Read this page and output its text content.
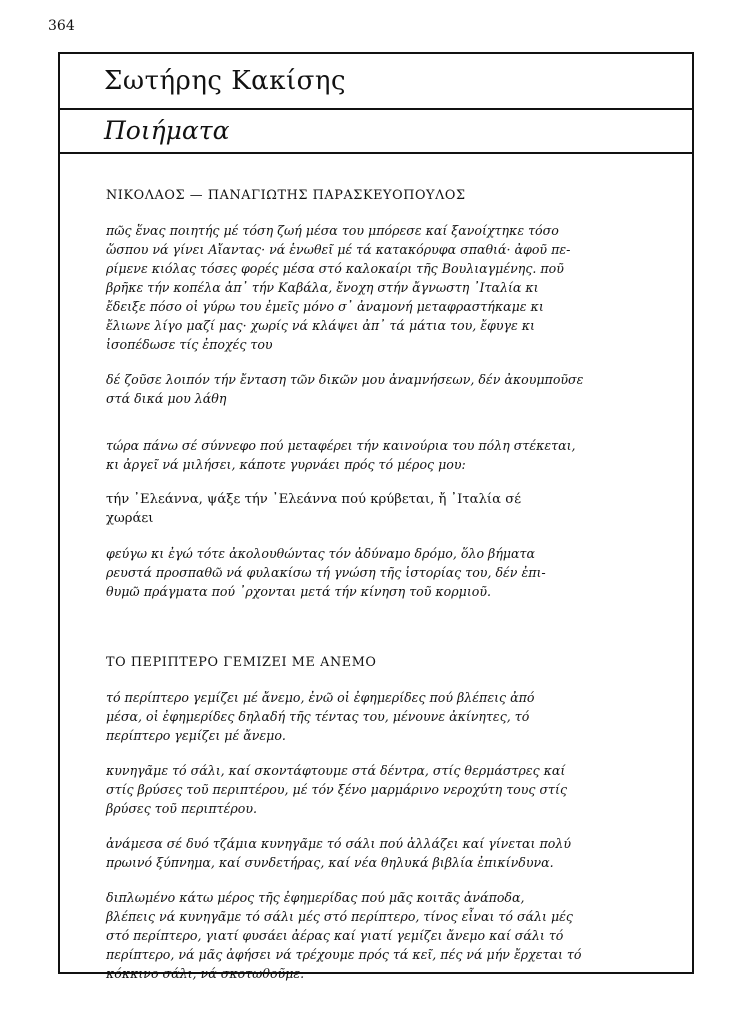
364
Σωτήρης Κακίσης
Ποιήματα

ΝΙΚΟΛΑΟΣ — ΠΑΝΑΓΙΩΤΗΣ ΠΑΡΑΣΚΕΥΟΠΟΥΛΟΣ

πῶς ἕνας ποιητής μέ τόση ζωή μέσα του μπόρεσε καί ξανοίχτηκε τόσο
ὥσπου νά γίνει Αἴαντας· νά ἑνωθεῖ μέ τά κατακόρυφα σπαθιά· ἀφοῦ πε-
ρίμενε κιόλας τόσες φορές μέσα στό καλοκαίρι τῆς Βουλιαγμένης. ποῦ
βρῆκε τήν κοπέλα ἀπ᾿ τήν Καβάλα, ἔνοχη στήν ἄγνωστη ᾿Ιταλία κι
ἔδειξε πόσο οἱ γύρω του ἐμεῖς μόνο σ᾿ ἀναμονή μεταφραστήκαμε κι
ἔλιωνε λίγο μαζί μας· χωρίς νά κλάψει ἀπ᾿ τά μάτια του, ἔφυγε κι
ἰσοπέδωσε τίς ἐποχές του

δέ ζοῦσε λοιπόν τήν ἔνταση τῶν δικῶν μου ἀναμνήσεων, δέν ἀκουμποῦσε
στά δικά μου λάθη

τώρα πάνω σέ σύννεφο πού μεταφέρει τήν καινούρια του πόλη στέκεται,
κι ἀργεῖ νά μιλήσει, κάποτε γυρνάει πρός τό μέρος μου:

τήν ᾿Ελεάννα, ψάξε τήν ᾿Ελεάννα πού κρύβεται, ἤ ᾿Ιταλία σέ
χωράει

φεύγω κι ἐγώ τότε ἀκολουθώντας τόν ἀδύναμο δρόμο, ὅλο βήματα
ρευστά προσπαθῶ νά φυλακίσω τή γνώση τῆς ἱστορίας του, δέν ἐπι-
θυμῶ πράγματα πού ᾿ρχονται μετά τήν κίνηση τοῦ κορμιοῦ.

ΤΟ ΠΕΡΙΠΤΕΡΟ ΓΕΜΙΖΕΙ ΜΕ ΑΝΕΜΟ

τό περίπτερο γεμίζει μέ ἄνεμο, ἐνῶ οἱ ἐφημερίδες πού βλέπεις ἀπό
μέσα, οἱ ἐφημερίδες δηλαδή τῆς τέντας του, μένουνε ἀκίνητες, τό
περίπτερο γεμίζει μέ ἄνεμο.

κυνηγᾶμε τό σάλι, καί σκοντάφτουμε στά δέντρα, στίς θερμάστρες καί
στίς βρύσες τοῦ περιπτέρου, μέ τόν ξένο μαρμάρινο νεροχύτη τους στίς
βρύσες τοῦ περιπτέρου.

ἀνάμεσα σέ δυό τζάμια κυνηγᾶμε τό σάλι πού ἀλλάζει καί γίνεται πολύ
πρωινό ξύπνημα, καί συνδετήρας, καί νέα θηλυκά βιβλία ἐπικίνδυνα.

διπλωμένο κάτω μέρος τῆς ἐφημερίδας πού μᾶς κοιτᾶς ἀνάποδα,
βλέπεις νά κυνηγᾶμε τό σάλι μές στό περίπτερο, τίνος εἶναι τό σάλι μές
στό περίπτερο, γιατί φυσάει ἀέρας καί γιατί γεμίζει ἄνεμο καί σάλι τό
περίπτερο, νά μᾶς ἀφήσει νά τρέχουμε πρός τά κεῖ, πές νά μήν ἔρχεται τό
κόκκινο σάλι, νά σκοτωθοῦμε.
